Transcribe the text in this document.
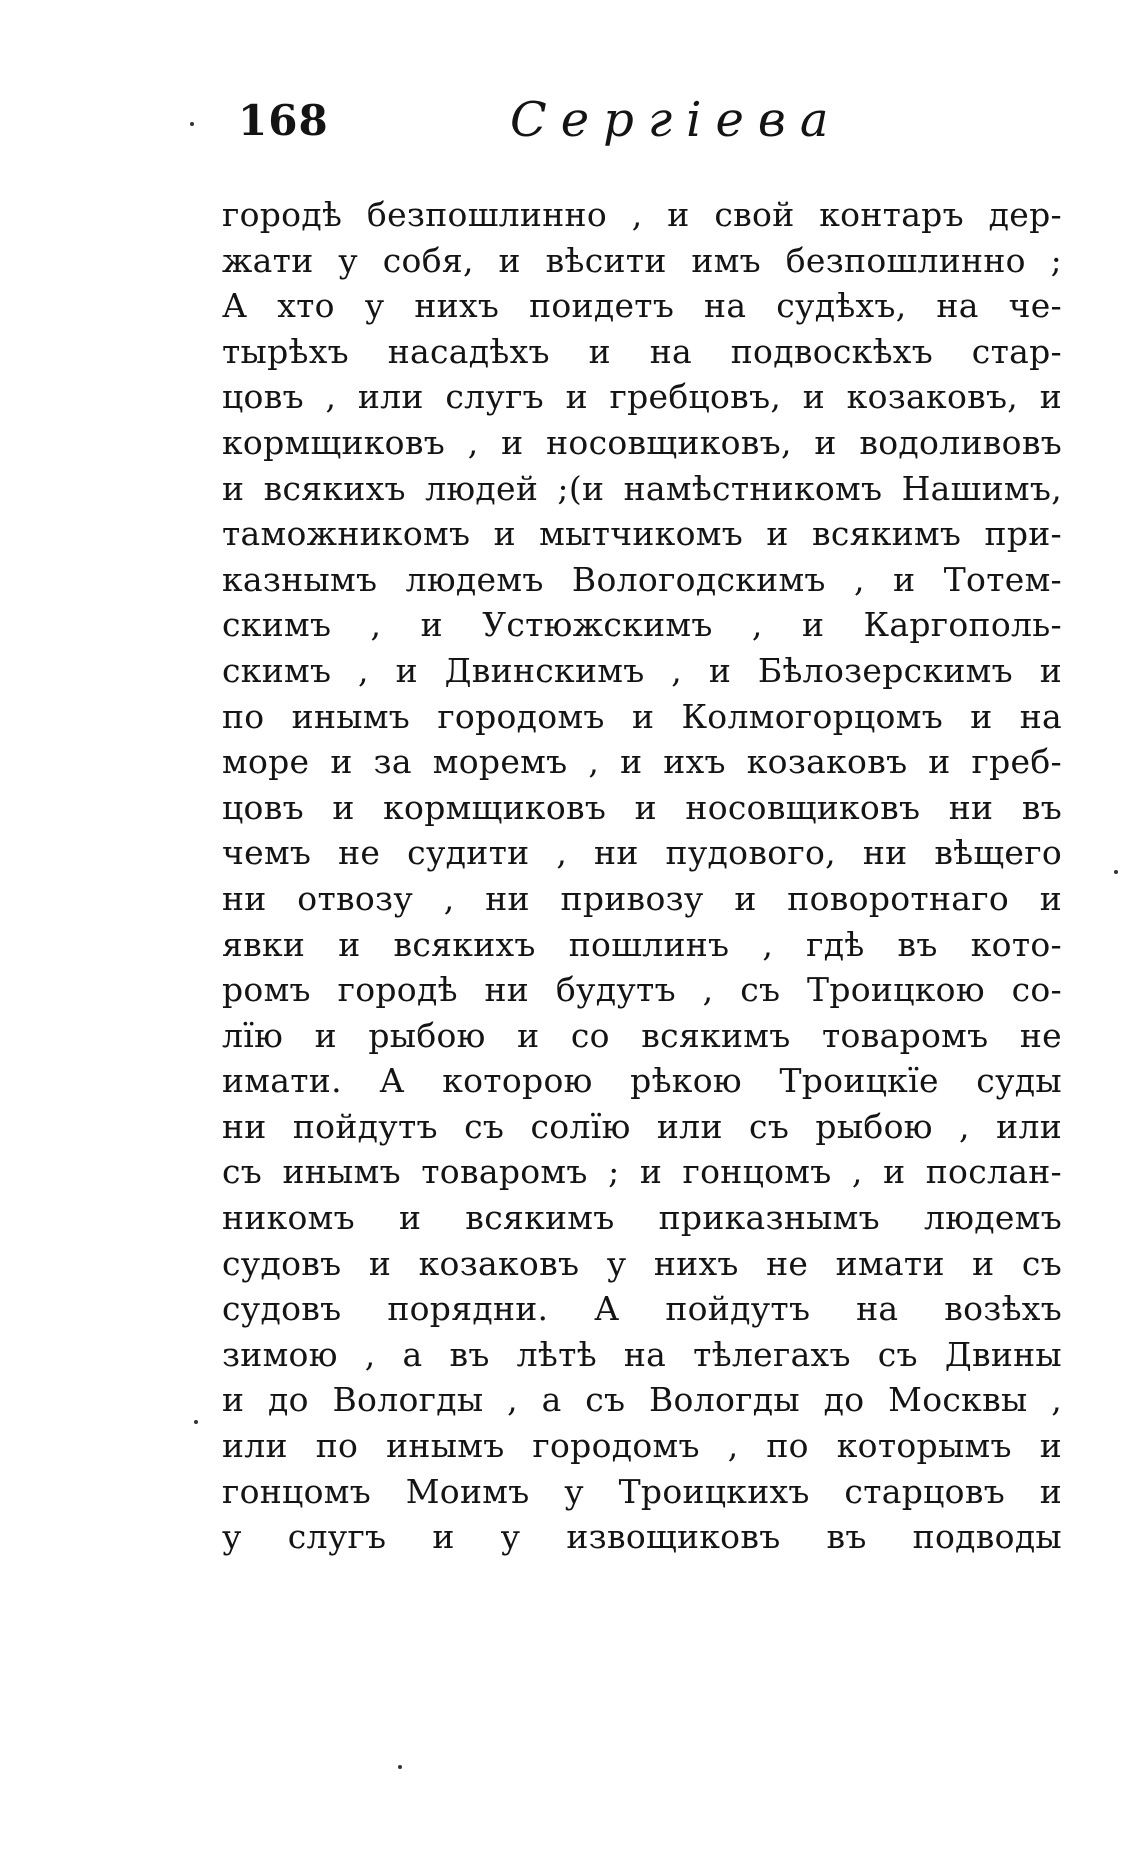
168	Сергіева
городѣ безпошлинно , и свой контаръ дер-
жати у собя, и вѣсити имъ безпошлинно ;
А хто у нихъ поидетъ на судѣхъ, на че-
тырѣхъ насадѣхъ и на подвоскѣхъ стар-
цовъ , или слугъ и гребцовъ, и козаковъ, и
кормщиковъ , и носовщиковъ, и водоливовъ
и всякихъ людей ;(и намѣстникомъ Нашимъ,
таможникомъ и мытчикомъ и всякимъ при-
казнымъ людемъ Вологодскимъ , и Тотем-
скимъ , и Устюжскимъ , и Каргополь-
скимъ , и Двинскимъ , и Бѣлозерскимъ и
по инымъ городомъ и Колмогорцомъ и на
море и за моремъ , и ихъ козаковъ и греб-
цовъ и кормщиковъ и носовщиковъ ни въ
чемъ не судити , ни пудового, ни вѣщего
ни отвозу , ни привозу и поворотнаго и
явки и всякихъ пошлинъ , гдѣ въ кото-
ромъ городѣ ни будутъ , съ Троицкою со-
лїю и рыбою и со всякимъ товаромъ не
имати. А которою рѣкою Троицкїе суды
ни пойдутъ съ солїю или съ рыбою , или
съ инымъ товаромъ ; и гонцомъ , и послан-
никомъ и всякимъ приказнымъ людемъ
судовъ и козаковъ у нихъ не имати и съ
судовъ порядни. А пойдутъ на возѣхъ
зимою , а въ лѣтѣ на тѣлегахъ съ Двины
и до Вологды , а съ Вологды до Москвы ,
или по инымъ городомъ , по которымъ и
гонцомъ Моимъ у Троицкихъ старцовъ и
у слугъ и у извощиковъ въ подводы
